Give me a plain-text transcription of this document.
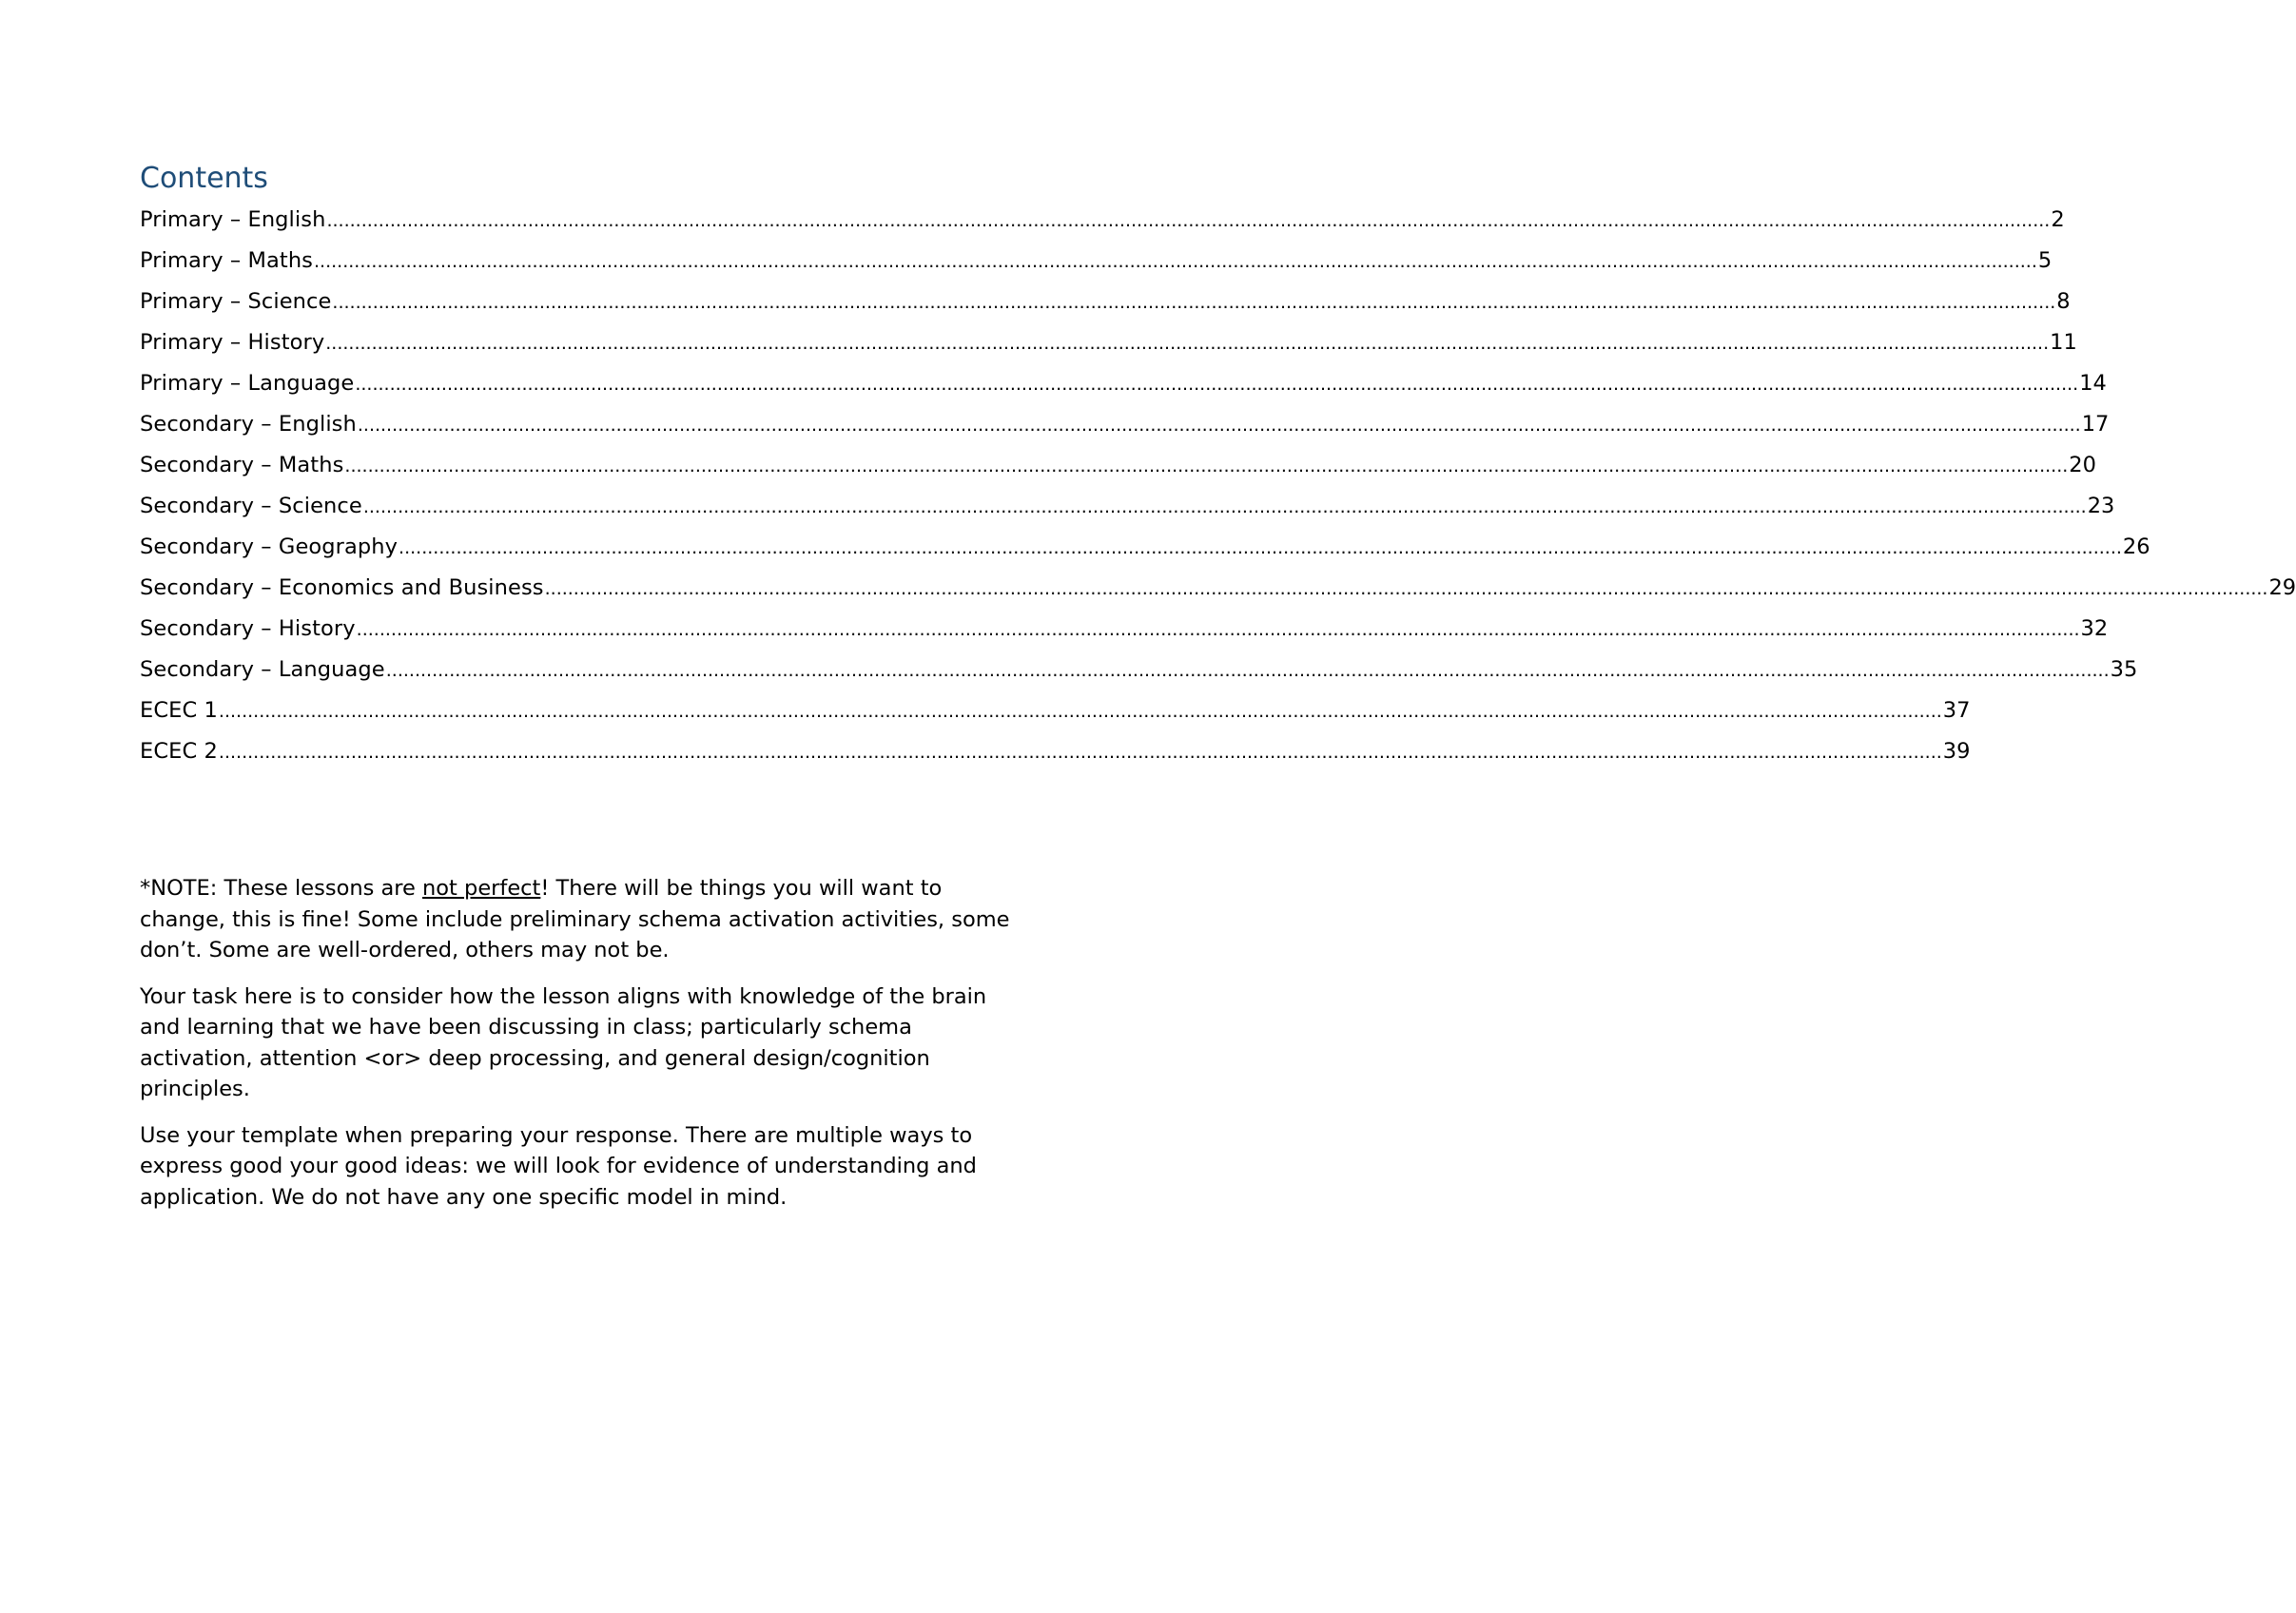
Contents
Primary – English ............................................................................................................................................................................................................................................................................................................ 2
Primary – Maths ............................................................................................................................................................................................................................................................................................................ 5
Primary – Science ............................................................................................................................................................................................................................................................................................................ 8
Primary – History ............................................................................................................................................................................................................................................................................................................ 11
Primary – Language ............................................................................................................................................................................................................................................................................................................ 14
Secondary – English ............................................................................................................................................................................................................................................................................................................ 17
Secondary – Maths ............................................................................................................................................................................................................................................................................................................ 20
Secondary – Science ............................................................................................................................................................................................................................................................................................................ 23
Secondary – Geography ............................................................................................................................................................................................................................................................................................................ 26
Secondary – Economics and Business ............................................................................................................................................................................................................................................................................................................ 29
Secondary – History ............................................................................................................................................................................................................................................................................................................ 32
Secondary – Language ............................................................................................................................................................................................................................................................................................................ 35
ECEC 1 ............................................................................................................................................................................................................................................................................................................ 37
ECEC 2 ............................................................................................................................................................................................................................................................................................................ 39

*NOTE: These lessons are not perfect! There will be things you will want to change, this is fine! Some include preliminary schema activation activities, some don’t. Some are well-ordered, others may not be.

Your task here is to consider how the lesson aligns with knowledge of the brain and learning that we have been discussing in class; particularly schema activation, attention <or> deep processing, and general design/cognition principles.

Use your template when preparing your response. There are multiple ways to express good your good ideas: we will look for evidence of understanding and application. We do not have any one specific model in mind.
